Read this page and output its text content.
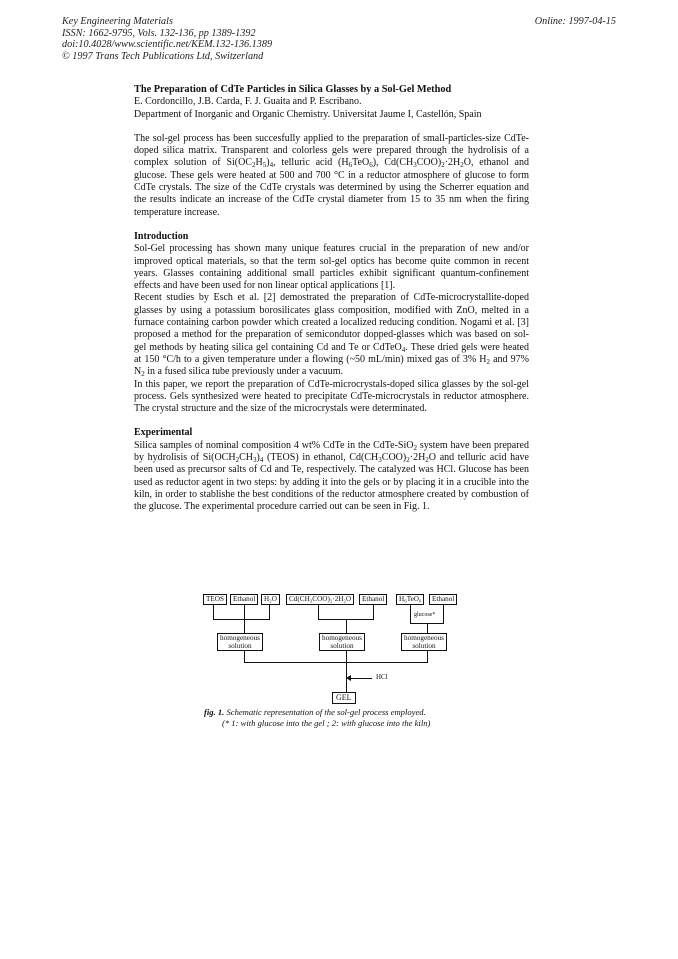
Key Engineering Materials
ISSN: 1662-9795, Vols. 132-136, pp 1389-1392
doi:10.4028/www.scientific.net/KEM.132-136.1389
© 1997 Trans Tech Publications Ltd, Switzerland
Online: 1997-04-15
The Preparation of CdTe Particles in Silica Glasses by a Sol-Gel Method
E. Cordoncillo, J.B. Carda, F. J. Guaita and P. Escribano.
Department of Inorganic and Organic Chemistry. Universitat Jaume I, Castellón, Spain

The sol-gel process has been succesfully applied to the preparation of small-particles-size CdTe-doped silica matrix. Transparent and colorless gels were prepared through the hydrolisis of a complex solution of $Si(OC_2H_5)_4$, telluric acid $(H_6TeO_6)$, $Cd(CH_3COO)_2\cdot 2H_2O$, ethanol and glucose. These gels were heated at 500 and 700 °C in a reductor atmosphere of glucose to form CdTe crystals. The size of the CdTe crystals was determined by using the Scherrer equation and the results indicate an increase of the CdTe crystal diameter from 15 to 35 nm when the firing temperature increase.

Introduction

Sol-Gel processing has shown many unique features crucial in the preparation of new and/or improved optical materials, so that the term sol-gel optics has become quite common in recent years. Glasses containing additional small particles exhibit significant quantum-confinement effects and have been used for non linear optical applications [1].

Recent studies by Esch et al. [2] demostrated the preparation of CdTe-microcrystallite-doped glasses by using a potassium borosilicates glass composition, modified with ZnO, melted in a furnace containing carbon powder which created a localized reducing condition. Nogami et al. [3] proposed a method for the preparation of semicondutor dopped-glasses which was based on sol-gel methods by heating silica gel containing Cd and Te or CdTeO$_4$. These dried gels were heated at 150 °C/h to a given temperature under a flowing (~50 mL/min) mixed gas of 3% $H_2$ and 97% $N_2$ in a fused silica tube previously under a vacuum.

In this paper, we report the preparation of CdTe-microcrystals-doped silica glasses by the sol-gel process. Gels synthesized were heated to precipitate CdTe-microcrystals in reductor atmosphere. The crystal structure and the size of the microcrystals were determinated.

Experimental

Silica samples of nominal composition 4 wt% CdTe in the CdTe-SiO$_2$ system have been prepared by hydrolisis of $Si(OCH_2CH_3)_4$ (TEOS) in ethanol, $Cd(CH_3COO)_2\cdot 2H_2O$ and telluric acid have been used as precursor salts of Cd and Te, respectively. The catalyzed was HCl. Glucose has been used as reductor agent in two steps: by adding it into the gels or by placing it in a crucible into the kiln, in order to stablishe the best conditions of the reductor atmosphere created by combustion of the glucose. The experimental procedure carried out can be seen in Fig. 1.

TEOS	Ethanol	H₂O	Cd(CH₃COO)₂·2H₂O	Ethanol	H₆TeO₆	Ethanol
glucose*
homogeneous
solution
homogeneous
solution
homogeneous
solution
HCl
GEL
fig. 1. Schematic representation of the sol-gel process employed.
(* 1: with glucose into the gel ; 2: with glucose into the kiln)
